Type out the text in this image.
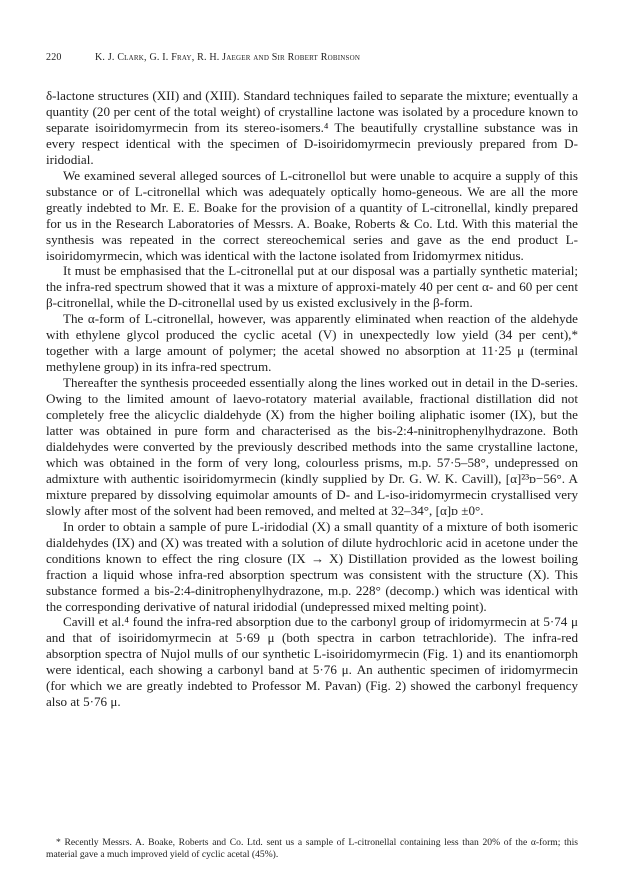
220	K. J. Clark, G. I. Fray, R. H. Jaeger and Sir Robert Robinson

δ-lactone structures (XII) and (XIII). Standard techniques failed to separate the mixture; eventually a quantity (20 per cent of the total weight) of crystalline lactone was isolated by a procedure known to separate isoiridomyrmecin from its stereo-isomers.⁴ The beautifully crystalline substance was in every respect identical with the specimen of D-isoiridomyrmecin previously prepared from D-iridodial.

We examined several alleged sources of L-citronellol but were unable to acquire a supply of this substance or of L-citronellal which was adequately optically homo-geneous. We are all the more greatly indebted to Mr. E. E. Boake for the provision of a quantity of L-citronellal, kindly prepared for us in the Research Laboratories of Messrs. A. Boake, Roberts & Co. Ltd. With this material the synthesis was repeated in the correct stereochemical series and gave as the end product L-isoiridomyrmecin, which was identical with the lactone isolated from Iridomyrmex nitidus.

It must be emphasised that the L-citronellal put at our disposal was a partially synthetic material; the infra-red spectrum showed that it was a mixture of approxi-mately 40 per cent α- and 60 per cent β-citronellal, while the D-citronellal used by us existed exclusively in the β-form.

The α-form of L-citronellal, however, was apparently eliminated when reaction of the aldehyde with ethylene glycol produced the cyclic acetal (V) in unexpectedly low yield (34 per cent),* together with a large amount of polymer; the acetal showed no absorption at 11·25 μ (terminal methylene group) in its infra-red spectrum.

Thereafter the synthesis proceeded essentially along the lines worked out in detail in the D-series. Owing to the limited amount of laevo-rotatory material available, fractional distillation did not completely free the alicyclic dialdehyde (X) from the higher boiling aliphatic isomer (IX), but the latter was obtained in pure form and characterised as the bis-2:4-ninitrophenylhydrazone. Both dialdehydes were converted by the previously described methods into the same crystalline lactone, which was obtained in the form of very long, colourless prisms, m.p. 57·5–58°, undepressed on admixture with authentic isoiridomyrmecin (kindly supplied by Dr. G. W. K. Cavill), [α]²³ᴅ−56°. A mixture prepared by dissolving equimolar amounts of D- and L-iso-iridomyrmecin crystallised very slowly after most of the solvent had been removed, and melted at 32–34°, [α]ᴅ ±0°.

In order to obtain a sample of pure L-iridodial (X) a small quantity of a mixture of both isomeric dialdehydes (IX) and (X) was treated with a solution of dilute hydrochloric acid in acetone under the conditions known to effect the ring closure (IX → X) Distillation provided as the lowest boiling fraction a liquid whose infra-red absorption spectrum was consistent with the structure (X). This substance formed a bis-2:4-dinitrophenylhydrazone, m.p. 228° (decomp.) which was identical with the corresponding derivative of natural iridodial (undepressed mixed melting point).

Cavill et al.⁴ found the infra-red absorption due to the carbonyl group of iridomyrmecin at 5·74 μ and that of isoiridomyrmecin at 5·69 μ (both spectra in carbon tetrachloride). The infra-red absorption spectra of Nujol mulls of our synthetic L-isoiridomyrmecin (Fig. 1) and its enantiomorph were identical, each showing a carbonyl band at 5·76 μ. An authentic specimen of iridomyrmecin (for which we are greatly indebted to Professor M. Pavan) (Fig. 2) showed the carbonyl frequency also at 5·76 μ.

* Recently Messrs. A. Boake, Roberts and Co. Ltd. sent us a sample of L-citronellal containing less than 20% of the α-form; this material gave a much improved yield of cyclic acetal (45%).
